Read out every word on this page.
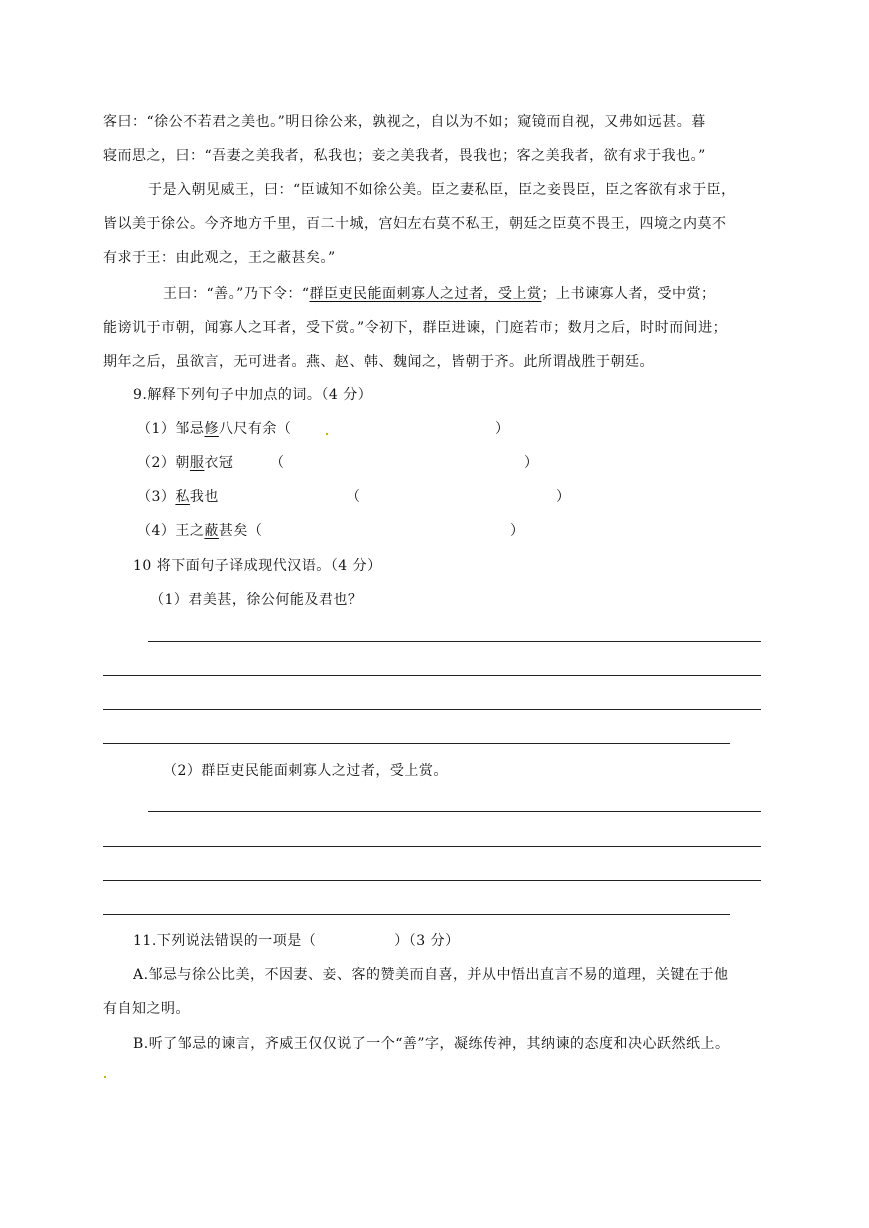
客曰：“徐公不若君之美也。”明日徐公来，孰视之，自以为不如；窥镜而自视，又弗如远甚。暮
寝而思之，曰：“吾妻之美我者，私我也；妾之美我者，畏我也；客之美我者，欲有求于我也。”
于是入朝见威王，曰：“臣诚知不如徐公美。臣之妻私臣，臣之妾畏臣，臣之客欲有求于臣，
皆以美于徐公。今齐地方千里，百二十城，宫妇左右莫不私王，朝廷之臣莫不畏王，四境之内莫不
有求于王：由此观之，王之蔽甚矣。”
王曰：“善。”乃下令：“群臣吏民能面刺寡人之过者，受上赏；上书谏寡人者，受中赏；
能谤讥于市朝，闻寡人之耳者，受下赏。”令初下，群臣进谏，门庭若市；数月之后，时时而间进；
期年之后，虽欲言，无可进者。燕、赵、韩、魏闻之，皆朝于齐。此所谓战胜于朝廷。
9.解释下列句子中加点的词。（4 分）
（1）邹忌修八尺有余（	）
（2）朝服衣冠	（	）
（3）私我也	（	）
（4）王之蔽甚矣（	）
10 将下面句子译成现代汉语。（4 分）
（1）君美甚，徐公何能及君也？
（2）群臣吏民能面刺寡人之过者，受上赏。
11.下列说法错误的一项是（	）（3 分）
A.邹忌与徐公比美，不因妻、妾、客的赞美而自喜，并从中悟出直言不易的道理，关键在于他
有自知之明。
B.听了邹忌的谏言，齐威王仅仅说了一个“善”字，凝练传神，其纳谏的态度和决心跃然纸上。
